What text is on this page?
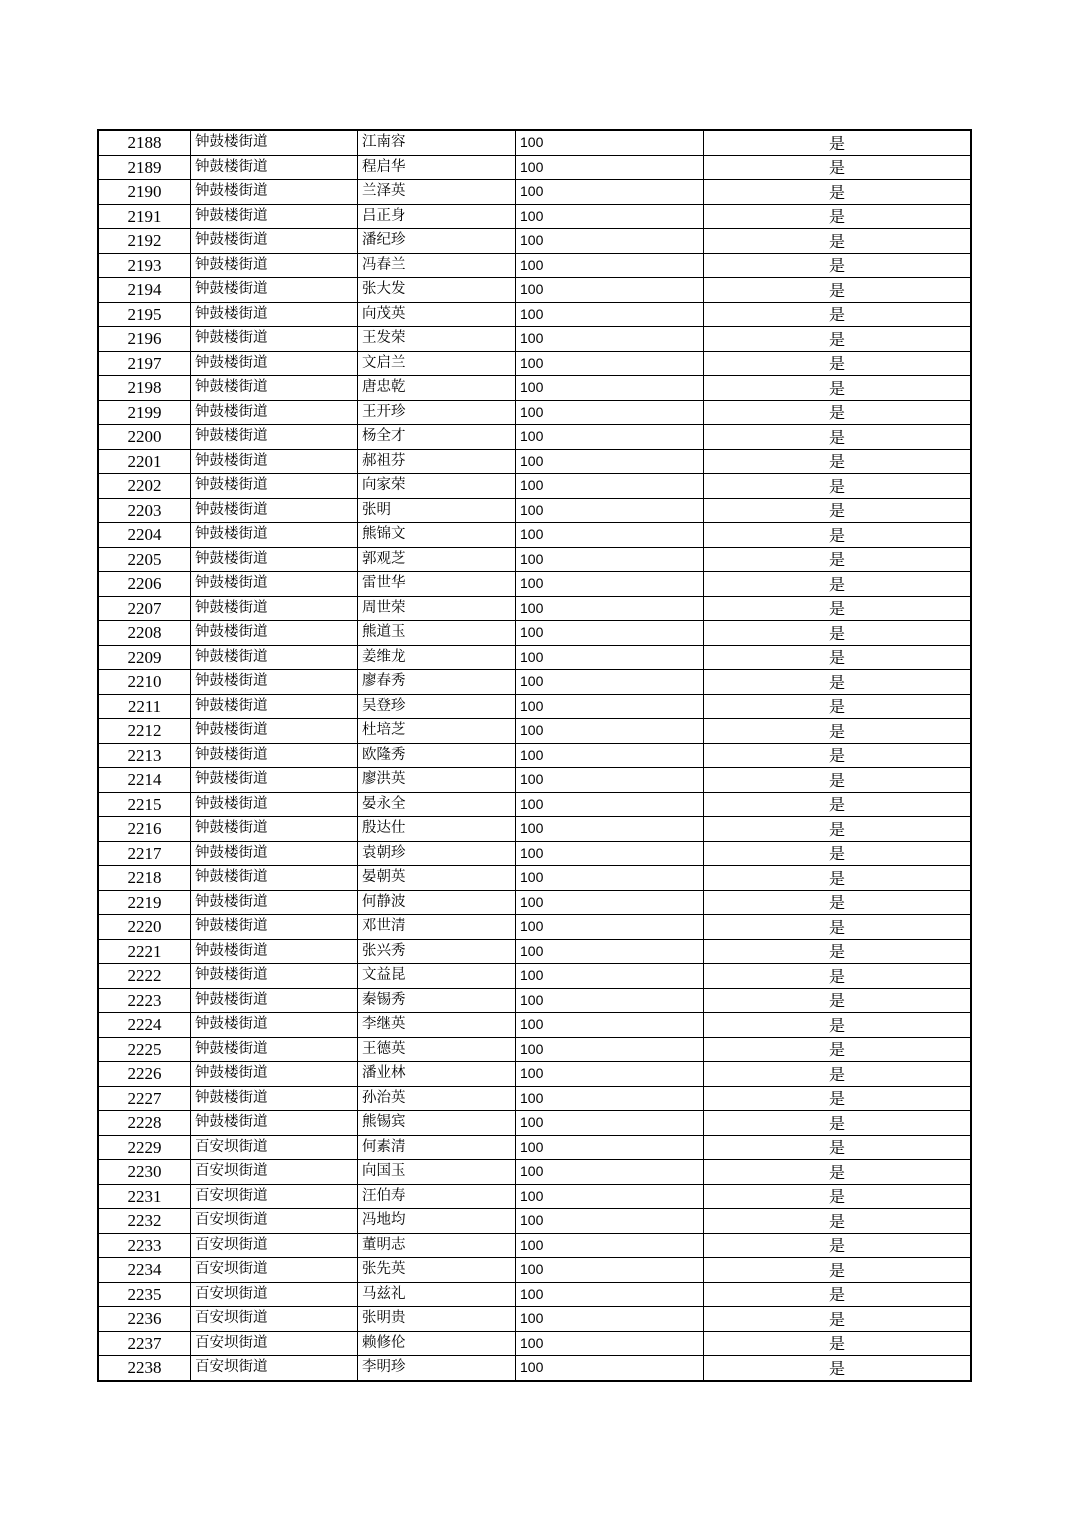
2188	钟鼓楼街道	江南容	100	是
2189	钟鼓楼街道	程启华	100	是
2190	钟鼓楼街道	兰泽英	100	是
2191	钟鼓楼街道	吕正身	100	是
2192	钟鼓楼街道	潘纪珍	100	是
2193	钟鼓楼街道	冯春兰	100	是
2194	钟鼓楼街道	张大发	100	是
2195	钟鼓楼街道	向茂英	100	是
2196	钟鼓楼街道	王发荣	100	是
2197	钟鼓楼街道	文启兰	100	是
2198	钟鼓楼街道	唐忠乾	100	是
2199	钟鼓楼街道	王开珍	100	是
2200	钟鼓楼街道	杨全才	100	是
2201	钟鼓楼街道	郝祖芬	100	是
2202	钟鼓楼街道	向家荣	100	是
2203	钟鼓楼街道	张明	100	是
2204	钟鼓楼街道	熊锦文	100	是
2205	钟鼓楼街道	郭观芝	100	是
2206	钟鼓楼街道	雷世华	100	是
2207	钟鼓楼街道	周世荣	100	是
2208	钟鼓楼街道	熊道玉	100	是
2209	钟鼓楼街道	姜维龙	100	是
2210	钟鼓楼街道	廖春秀	100	是
2211	钟鼓楼街道	吴登珍	100	是
2212	钟鼓楼街道	杜培芝	100	是
2213	钟鼓楼街道	欧隆秀	100	是
2214	钟鼓楼街道	廖洪英	100	是
2215	钟鼓楼街道	晏永全	100	是
2216	钟鼓楼街道	殷达仕	100	是
2217	钟鼓楼街道	袁朝珍	100	是
2218	钟鼓楼街道	晏朝英	100	是
2219	钟鼓楼街道	何静波	100	是
2220	钟鼓楼街道	邓世清	100	是
2221	钟鼓楼街道	张兴秀	100	是
2222	钟鼓楼街道	文益昆	100	是
2223	钟鼓楼街道	秦锡秀	100	是
2224	钟鼓楼街道	李继英	100	是
2225	钟鼓楼街道	王德英	100	是
2226	钟鼓楼街道	潘业林	100	是
2227	钟鼓楼街道	孙治英	100	是
2228	钟鼓楼街道	熊锡宾	100	是
2229	百安坝街道	何素清	100	是
2230	百安坝街道	向国玉	100	是
2231	百安坝街道	汪伯寿	100	是
2232	百安坝街道	冯地均	100	是
2233	百安坝街道	董明志	100	是
2234	百安坝街道	张先英	100	是
2235	百安坝街道	马兹礼	100	是
2236	百安坝街道	张明贵	100	是
2237	百安坝街道	赖修伦	100	是
2238	百安坝街道	李明珍	100	是
